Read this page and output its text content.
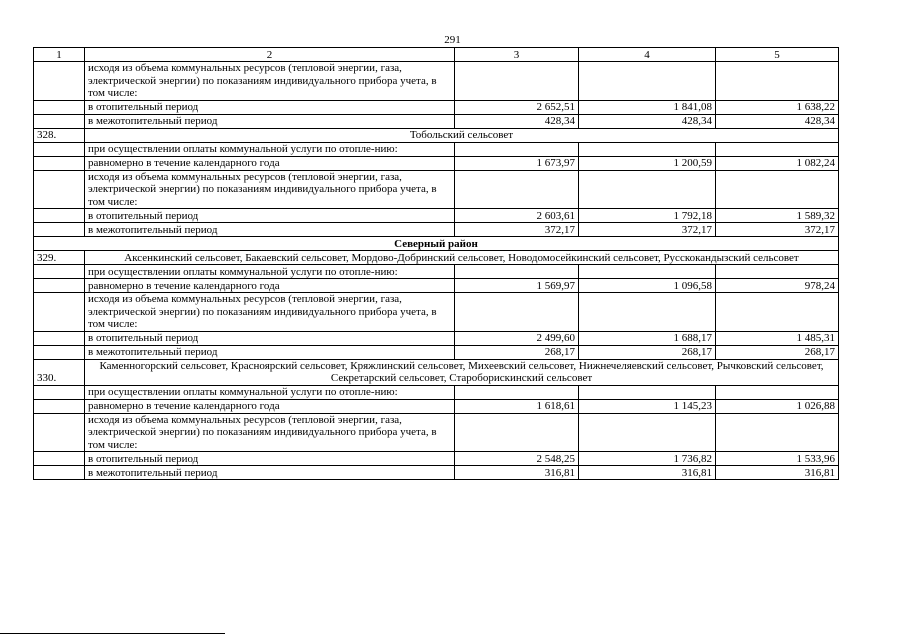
291
1	2	3	4	5
	исходя из объема коммунальных ресурсов (тепловой энергии, газа, электрической энергии) по показаниям индивидуального прибора учета, в том числе:			
	в отопительный период	2 652,51	1 841,08	1 638,22
	в межотопительный период	428,34	428,34	428,34
328.	Тобольский сельсовет			
	при осуществлении оплаты коммунальной услуги по отопле-нию:			
	равномерно в течение календарного года	1 673,97	1 200,59	1 082,24
	исходя из объема коммунальных ресурсов (тепловой энергии, газа, электрической энергии) по показаниям индивидуального прибора учета, в том числе:			
	в отопительный период	2 603,61	1 792,18	1 589,32
	в межотопительный период	372,17	372,17	372,17
Северный район				
329.	Аксенкинский сельсовет, Бакаевский сельсовет, Мордово-Добринский сельсовет, Новодомосейкинский сельсовет, Русскокандызский сельсовет			
	при осуществлении оплаты коммунальной услуги по отопле-нию:			
	равномерно в течение календарного года	1 569,97	1 096,58	978,24
	исходя из объема коммунальных ресурсов (тепловой энергии, газа, электрической энергии) по показаниям индивидуального прибора учета, в том числе:			
	в отопительный период	2 499,60	1 688,17	1 485,31
	в межотопительный период	268,17	268,17	268,17
330.	Каменногорский сельсовет, Красноярский сельсовет, Кряжлинский сельсовет, Михеевский сельсовет, Нижнечеляевский сельсовет, Рычковский сельсовет, Секретарский сельсовет, Староборискинский сельсовет			
	при осуществлении оплаты коммунальной услуги по отопле-нию:			
	равномерно в течение календарного года	1 618,61	1 145,23	1 026,88
	исходя из объема коммунальных ресурсов (тепловой энергии, газа, электрической энергии) по показаниям индивидуального прибора учета, в том числе:			
	в отопительный период	2 548,25	1 736,82	1 533,96
	в межотопительный период	316,81	316,81	316,81
